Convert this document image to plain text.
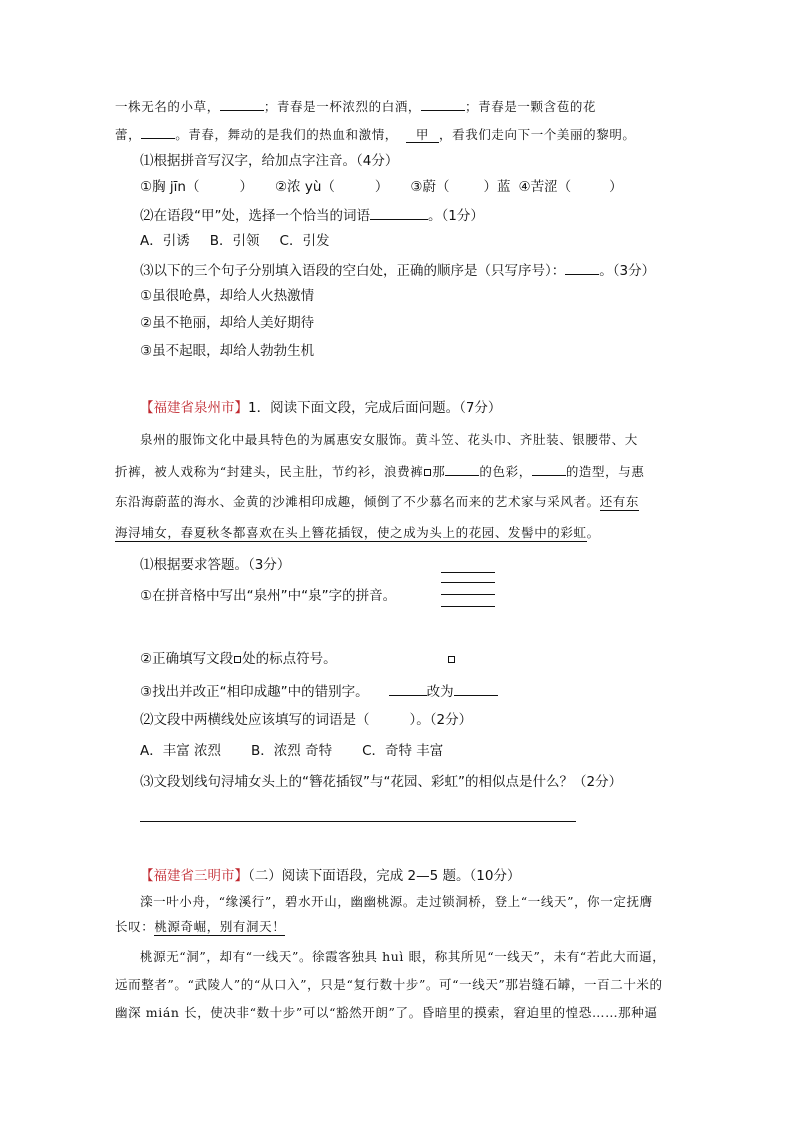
一株无名的小草，	；青春是一杯浓烈的白酒，	；青春是一颗含苞的花
蕾，	。青春，舞动的是我们的热血和激情， 甲 ，看我们走向下一个美丽的黎明。
⑴根据拼音写汉字，给加点字注音。（4分）
①胸 jīn（	） ②浓 yù（	） ③蔚（	）蓝 ④苦涩（	）
⑵在语段“甲”处，选择一个恰当的词语	。（1分）
A．引诱 B．引领 C．引发
⑶以下的三个句子分别填入语段的空白处，正确的顺序是（只写序号）：	。（3分）
①虽很呛鼻，却给人火热激情
②虽不艳丽，却给人美好期待
③虽不起眼，却给人勃勃生机
【福建省泉州市】1．阅读下面文段，完成后面问题。（7分）
泉州的服饰文化中最具特色的为属惠安女服饰。黄斗笠、花头巾、齐肚装、银腰带、大
折裤，被人戏称为“封建头，民主肚，节约衫，浪费裤 那	的色彩，	的造型，与惠
东沿海蔚蓝的海水、金黄的沙滩相印成趣，倾倒了不少慕名而来的艺术家与采风者。还有东
海浔埔女，春夏秋冬都喜欢在头上簪花插钗，使之成为头上的花园、发髻中的彩虹。
⑴根据要求答题。（3分）
①在拼音格中写出“泉州”中“泉”字的拼音。
②正确填写文段 处的标点符号。
③找出并改正“相印成趣”中的错别字。	改为
⑵文段中两横线处应该填写的词语是（	）。（2分）
A．丰富 浓烈 B．浓烈 奇特 C．奇特 丰富
⑶文段划线句浔埔女头上的“簪花插钗”与“花园、彩虹”的相似点是什么？（2分）
【福建省三明市】（二）阅读下面语段，完成 2—5 题。（10分）
滦一叶小舟，“缘溪行”，碧水开山，幽幽桃源。走过锁洞桥，登上“一线天”，你一定抚膺
长叹：桃源奇崛，别有洞天！
桃源无“洞”，却有“一线天”。徐霞客独具 huì 眼，称其所见“一线天”，未有“若此大而逼，
远而整者”。“武陵人”的“从口入”，只是“复行数十步”。可“一线天”那岩缝石罅，一百二十米的
幽深 mián 长，使决非“数十步”可以“豁然开朗”了。昏暗里的摸索，窘迫里的惶恐……那种逼
